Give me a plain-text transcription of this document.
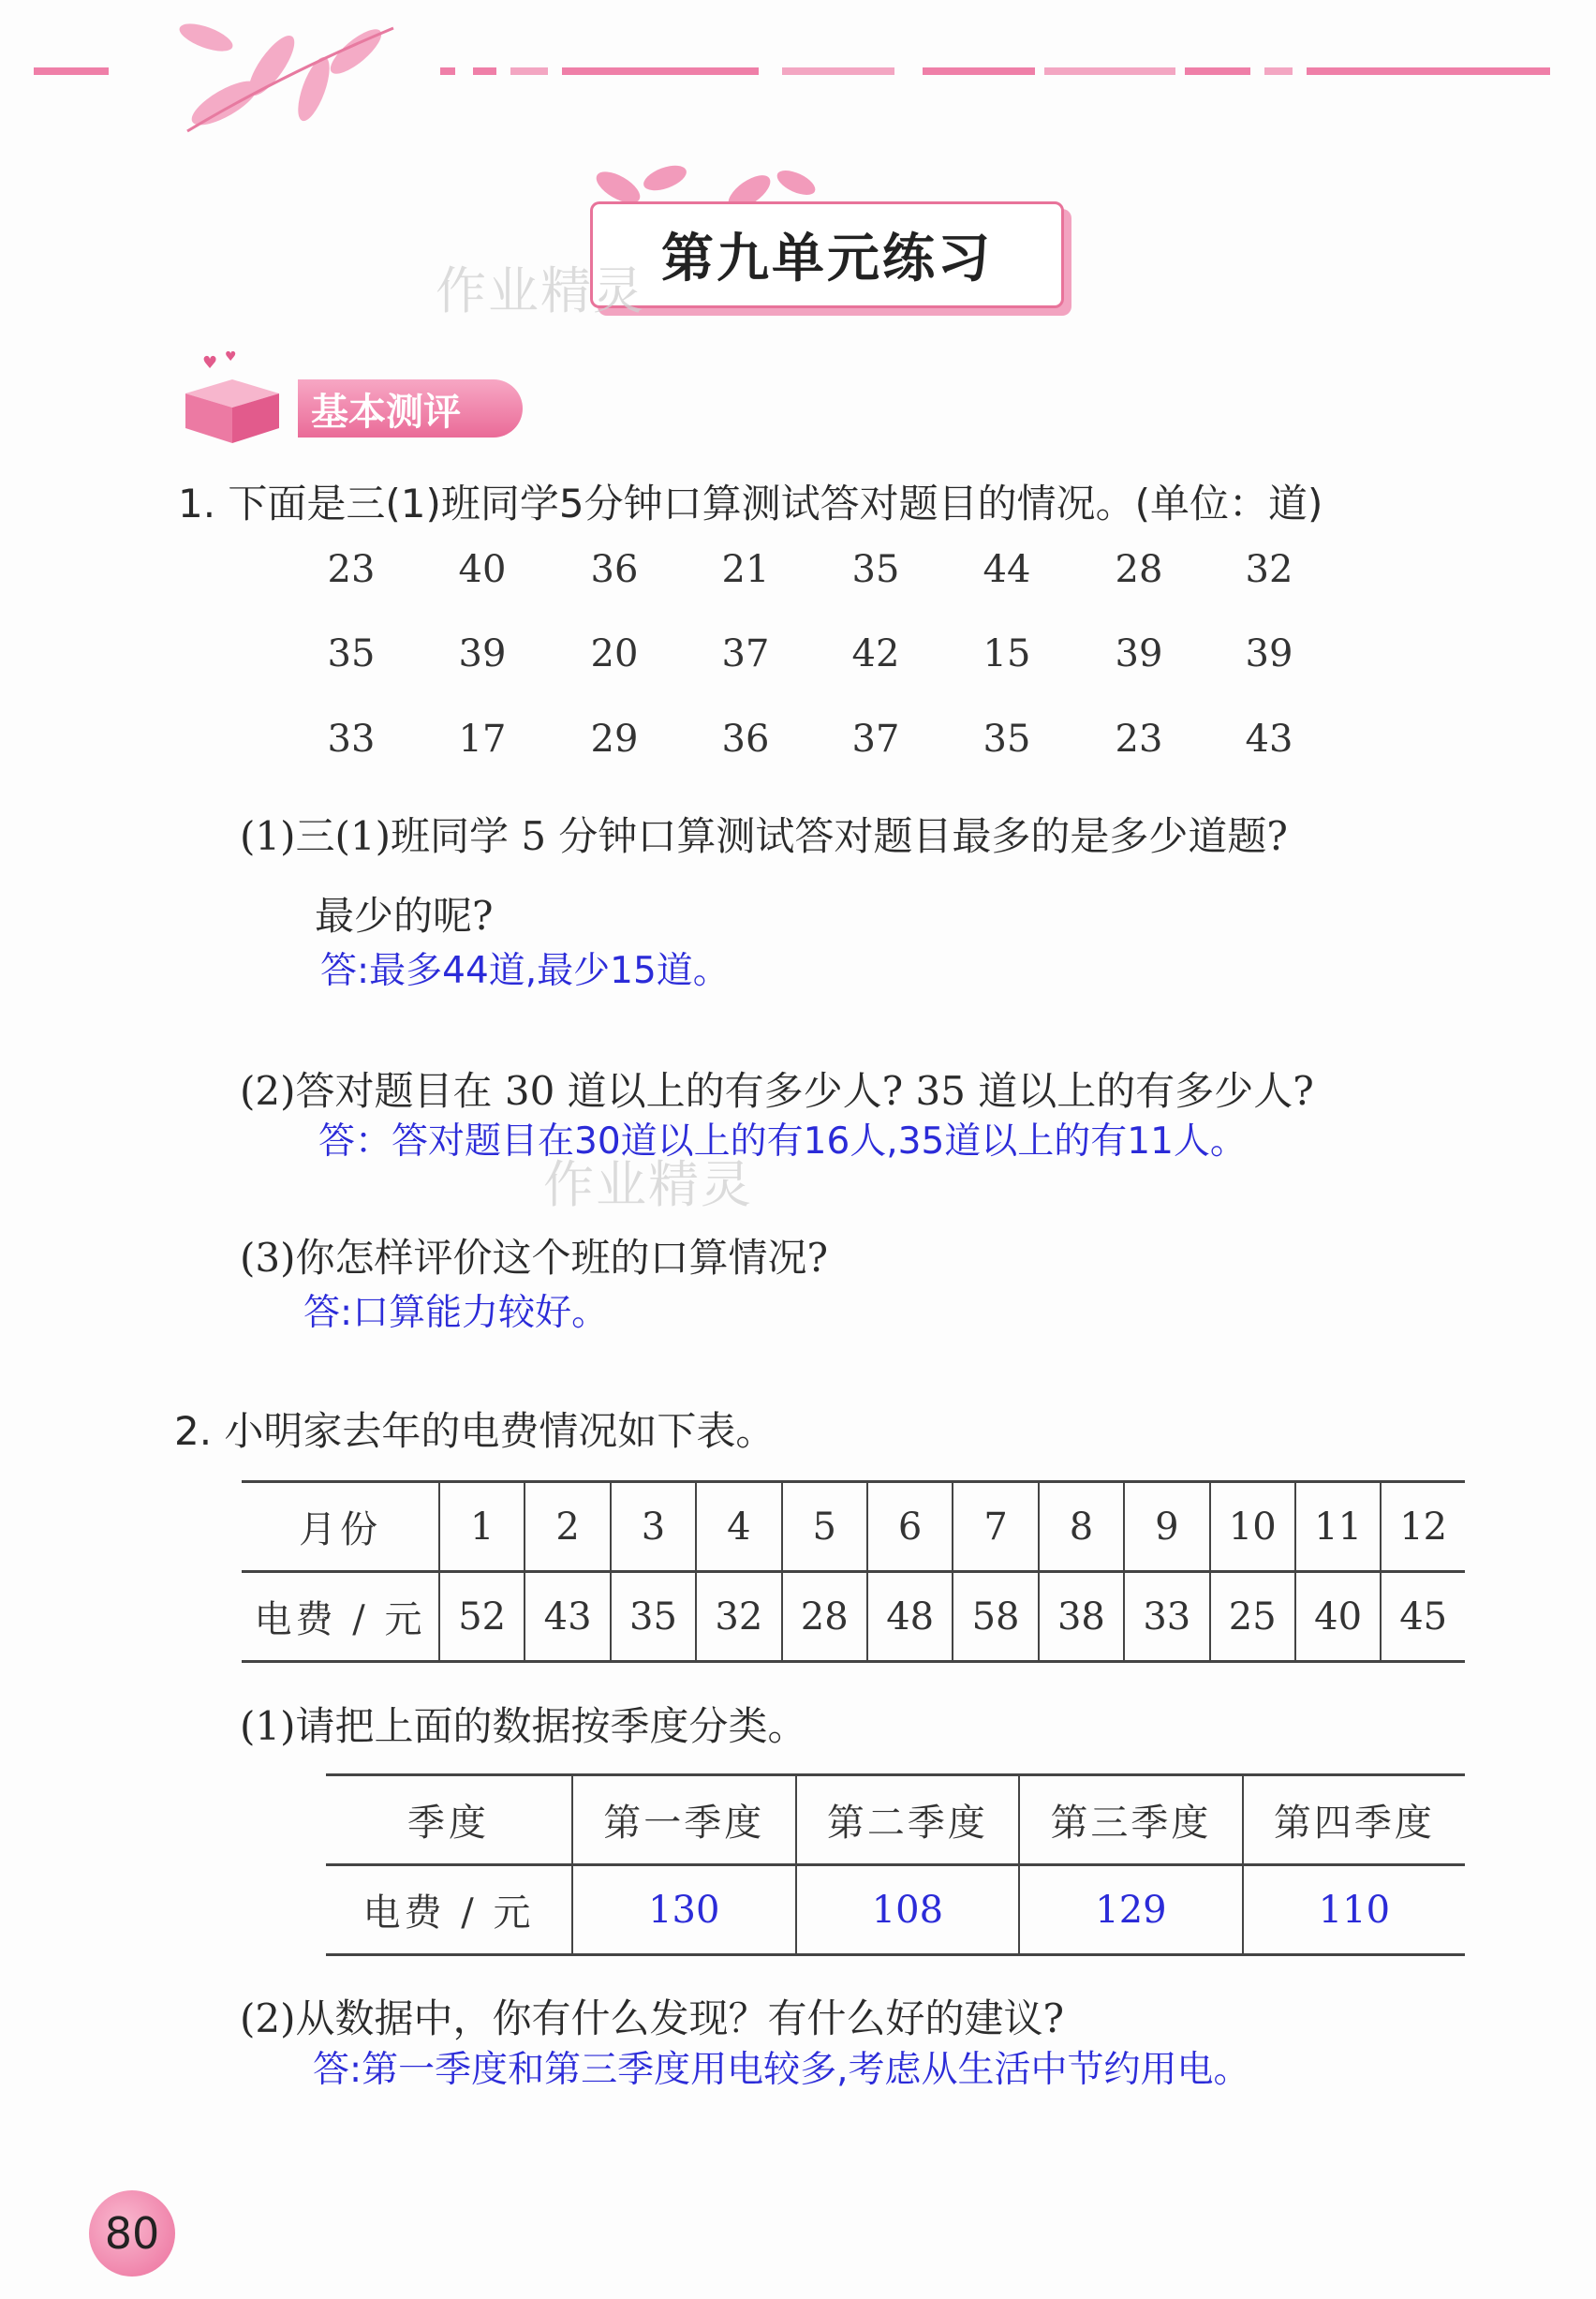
第九单元练习
作业精灵
♥ ♥
基本测评
1. 下面是三(1)班同学5分钟口算测试答对题目的情况。(单位：道)
23	40	36	21	35	44	28	32
35	39	20	37	42	15	39	39
33	17	29	36	37	35	23	43
(1)三(1)班同学 5 分钟口算测试答对题目最多的是多少道题?
最少的呢?
答:最多44道,最少15道。
(2)答对题目在 30 道以上的有多少人? 35 道以上的有多少人?
答：答对题目在30道以上的有16人,35道以上的有11人。
(3)你怎样评价这个班的口算情况?
答:口算能力较好。
2. 小明家去年的电费情况如下表。
月份	1	2	3	4	5	6	7	8	9	10	11	12
电费 / 元	52	43	35	32	28	48	58	38	33	25	40	45
(1)请把上面的数据按季度分类。
季度	第一季度	第二季度	第三季度	第四季度
电费 / 元	130	108	129	110
(2)从数据中，你有什么发现？有什么好的建议?
答:第一季度和第三季度用电较多,考虑从生活中节约用电。
作业精灵
80
